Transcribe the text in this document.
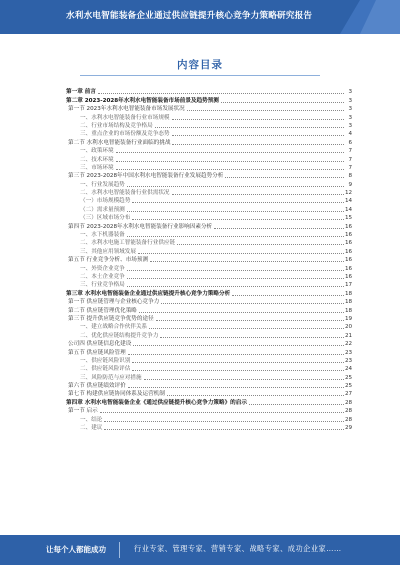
水利水电智能装备企业通过供应链提升核心竞争力策略研究报告
内容目录
第一章 前言	3
第二章 2023-2028年水利水电智能装备市场前景及趋势预测	3
第一节 2023年水利水电智能装备市场发展状况	3
一、水利水电智能装备行业市场规模	3
二、行业市场结构及竞争格局	3
三、重点企业的市场份额及竞争态势	4
第二节 水利水电智能装备行业面临的挑战	6
一、政策环境	7
二、技术环境	7
三、市场环境	7
第三节 2023-2028年中国水利水电智能装备行业发展趋势分析	8
一、行业发展趋势	9
二、水利水电智能装备行业供需状况	12
（一）市场规模趋势	14
（二）需求量预测	14
（三）区域市场分布	15
第四节 2023-2028年水利水电智能装备行业影响因素分析	16
一、水下机器装备	16
二、水利水电施工智能装备行业供应链	16
三、其他应用领域发展	16
第五节 行业竞争分析、市场预测	16
一、外资企业竞争	16
二、本土企业竞争	16
三、行业竞争格局	17
第三章 水利水电智能装备企业通过供应链提升核心竞争力策略分析	18
第一节 供应链管理与企业核心竞争力	18
第二节 供应链管理优化策略	18
第三节 提升供应链竞争优势的途径	19
一、建立战略合作伙伴关系	20
二、优化供应链结构提升竞争力	21
公司四 供应链信息化建设	22
第五节 供应链风险管理	23
一、供应链风险识别	23
二、供应链风险评估	24
三、风险防范与应对措施	25
第六节 供应链绩效评价	25
第七节 构建供应链协同体系及运营机制	27
第四章 水利水电智能装备企业《通过供应链提升核心竞争力策略》的启示	28
第一节 启示	28
一、结论	28
二、建议	29
让每个人都能成功	行业专家、管理专家、营销专家、战略专家、成功企业家……
